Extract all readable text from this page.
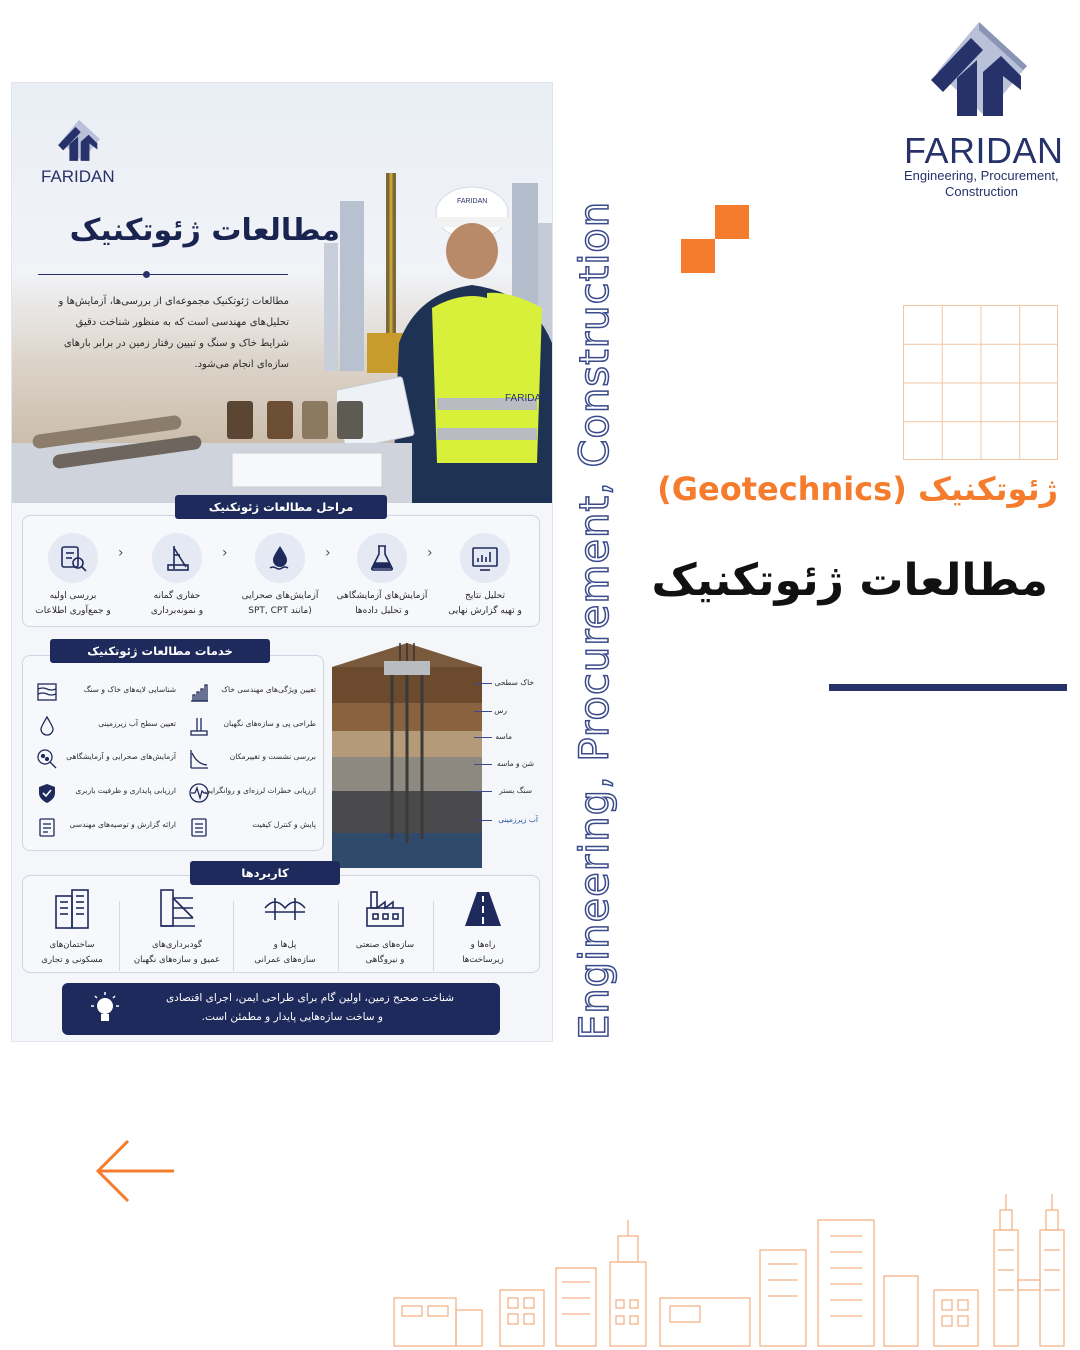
FARIDAN
Engineering, Procurement,
Construction
ژئوتکنیک (Geotechnics)
مطالعات ژئوتکنیک
Engineering, Procurement, Construction
FARIDAN
مطالعات ژئوتکنیک
مطالعات ژئوتکنیک مجموعه‌ای از بررسی‌ها، آزمایش‌ها و
تحلیل‌های مهندسی است که به منظور شناخت دقیق
شرایط خاک و سنگ و تبیین رفتار زمین در برابر بارهای
سازه‌ای انجام می‌شود.
FARIDAN
FARIDAN
مراحل مطالعات ژئوتکنیک
بررسی اولیه
و جمع‌آوری اطلاعات
›
حفاری گمانه
و نمونه‌برداری
›
آزمایش‌های صحرایی
(مانند SPT, CPT
›
آزمایش‌های آزمایشگاهی
و تحلیل داده‌ها
›
تحلیل نتایج
و تهیه گزارش نهایی
خدمات مطالعات ژئوتکنیک
شناسایی لایه‌های خاک و سنگ
تعیین سطح آب زیرزمینی
آزمایش‌های صحرایی و آزمایشگاهی
ارزیابی پایداری و ظرفیت باربری
ارائه گزارش و توصیه‌های مهندسی
تعیین ویژگی‌های مهندسی خاک
طراحی پی و سازه‌های نگهبان
بررسی نشست و تغییرمکان
ارزیابی خطرات لرزه‌ای و روانگرایی
پایش و کنترل کیفیت
خاک سطحی
رس
ماسه
شن و ماسه
سنگ بستر
آب زیرزمینی
کاربردها
ساختمان‌های
مسکونی و تجاری
گودبرداری‌های
عمیق و سازه‌های نگهبان
پل‌ها و
سازه‌های عمرانی
سازه‌های صنعتی
و نیروگاهی
راه‌ها و
زیرساخت‌ها
شناخت صحیح زمین، اولین گام برای طراحی ایمن، اجرای اقتصادی
و ساخت سازه‌هایی پایدار و مطمئن است.
